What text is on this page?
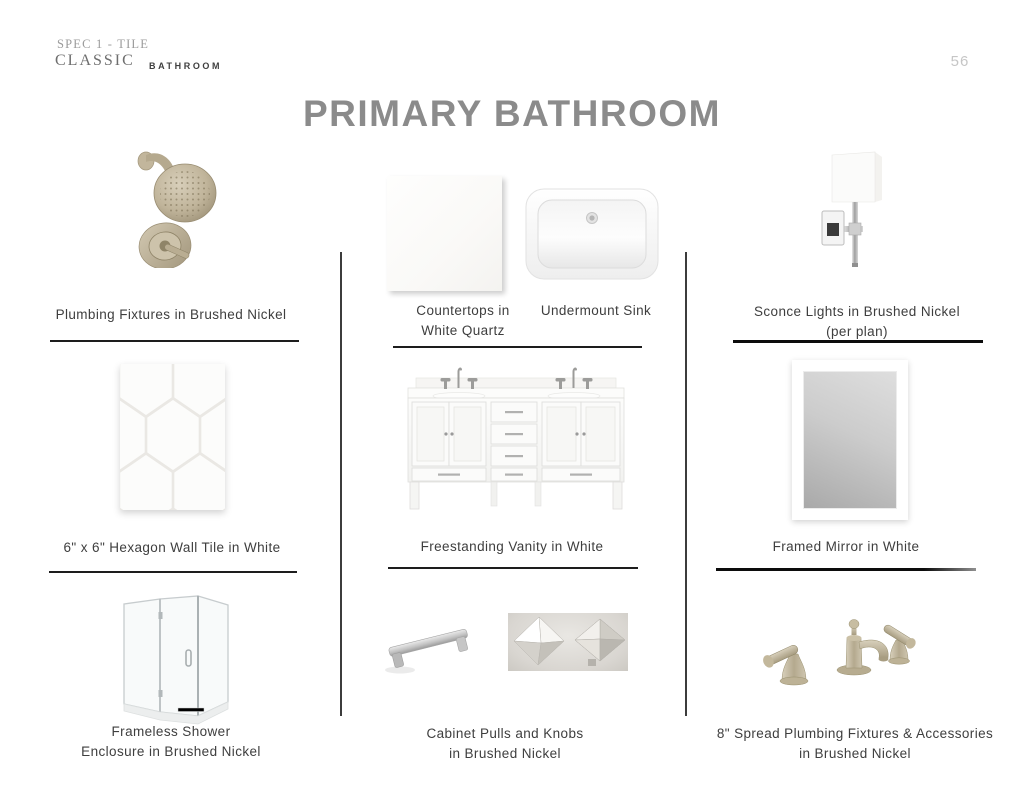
SPEC 1 - TILE
CLASSIC BATHROOM	56
PRIMARY BATHROOM
Plumbing Fixtures in Brushed Nickel	Countertops in
White Quartz
Undermount Sink	Sconce Lights in Brushed Nickel
(per plan)
6" x 6" Hexagon Wall Tile in White	Freestanding Vanity in White	Framed Mirror in White
Frameless Shower
Enclosure in Brushed Nickel
Cabinet Pulls and Knobs
in Brushed Nickel
8" Spread Plumbing Fixtures & Accessories
in Brushed Nickel
